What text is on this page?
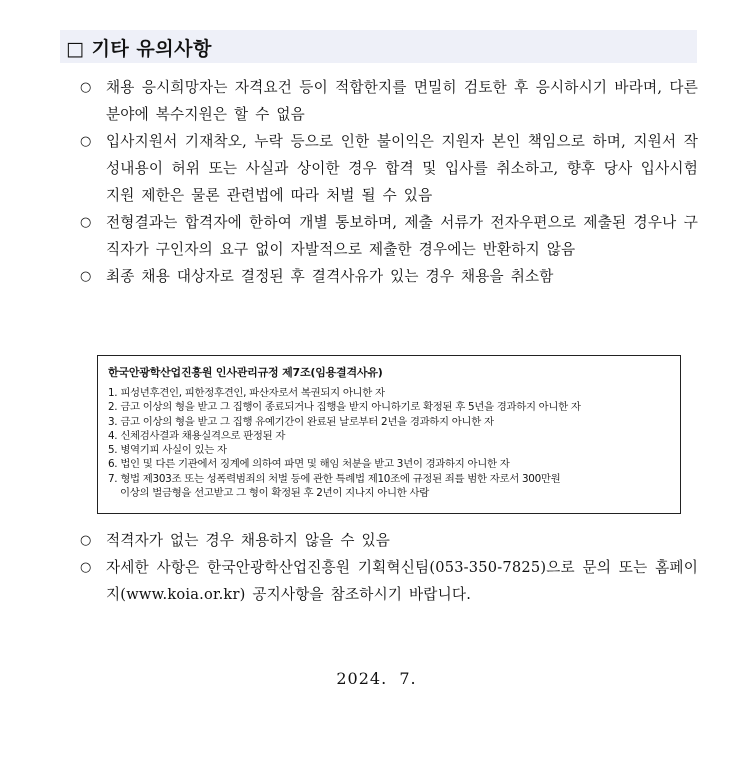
□ 기타 유의사항
○ 채용 응시희망자는 자격요건 등이 적합한지를 면밀히 검토한 후 응시하시기 바라며, 다른 분야에 복수지원은 할 수 없음
○ 입사지원서 기재착오, 누락 등으로 인한 불이익은 지원자 본인 책임으로 하며, 지원서 작성내용이 허위 또는 사실과 상이한 경우 합격 및 입사를 취소하고, 향후 당사 입사시험 지원 제한은 물론 관련법에 따라 처벌 될 수 있음
○ 전형결과는 합격자에 한하여 개별 통보하며, 제출 서류가 전자우편으로 제출된 경우나 구직자가 구인자의 요구 없이 자발적으로 제출한 경우에는 반환하지 않음
○ 최종 채용 대상자로 결정된 후 결격사유가 있는 경우 채용을 취소함
한국안광학산업진흥원 인사관리규정 제7조(임용결격사유)
1. 피성년후견인, 피한정후견인, 파산자로서 복권되지 아니한 자
2. 금고 이상의 형을 받고 그 집행이 종료되거나 집행을 받지 아니하기로 확정된 후 5년을 경과하지 아니한 자
3. 금고 이상의 형을 받고 그 집행 유예기간이 완료된 날로부터 2년을 경과하지 아니한 자
4. 신체검사결과 채용실격으로 판정된 자
5. 병역기피 사실이 있는 자
6. 법인 및 다른 기관에서 징계에 의하여 파면 및 해임 처분을 받고 3년이 경과하지 아니한 자
7. 형법 제303조 또는 성폭력범죄의 처벌 등에 관한 특례법 제10조에 규정된 죄를 범한 자로서 300만원
이상의 벌금형을 선고받고 그 형이 확정된 후 2년이 지나지 아니한 사람
○ 적격자가 없는 경우 채용하지 않을 수 있음
○ 자세한 사항은 한국안광학산업진흥원 기획혁신팀(053-350-7825)으로 문의 또는 홈페이지(www.koia.or.kr) 공지사항을 참조하시기 바랍니다.
2024.  7.
